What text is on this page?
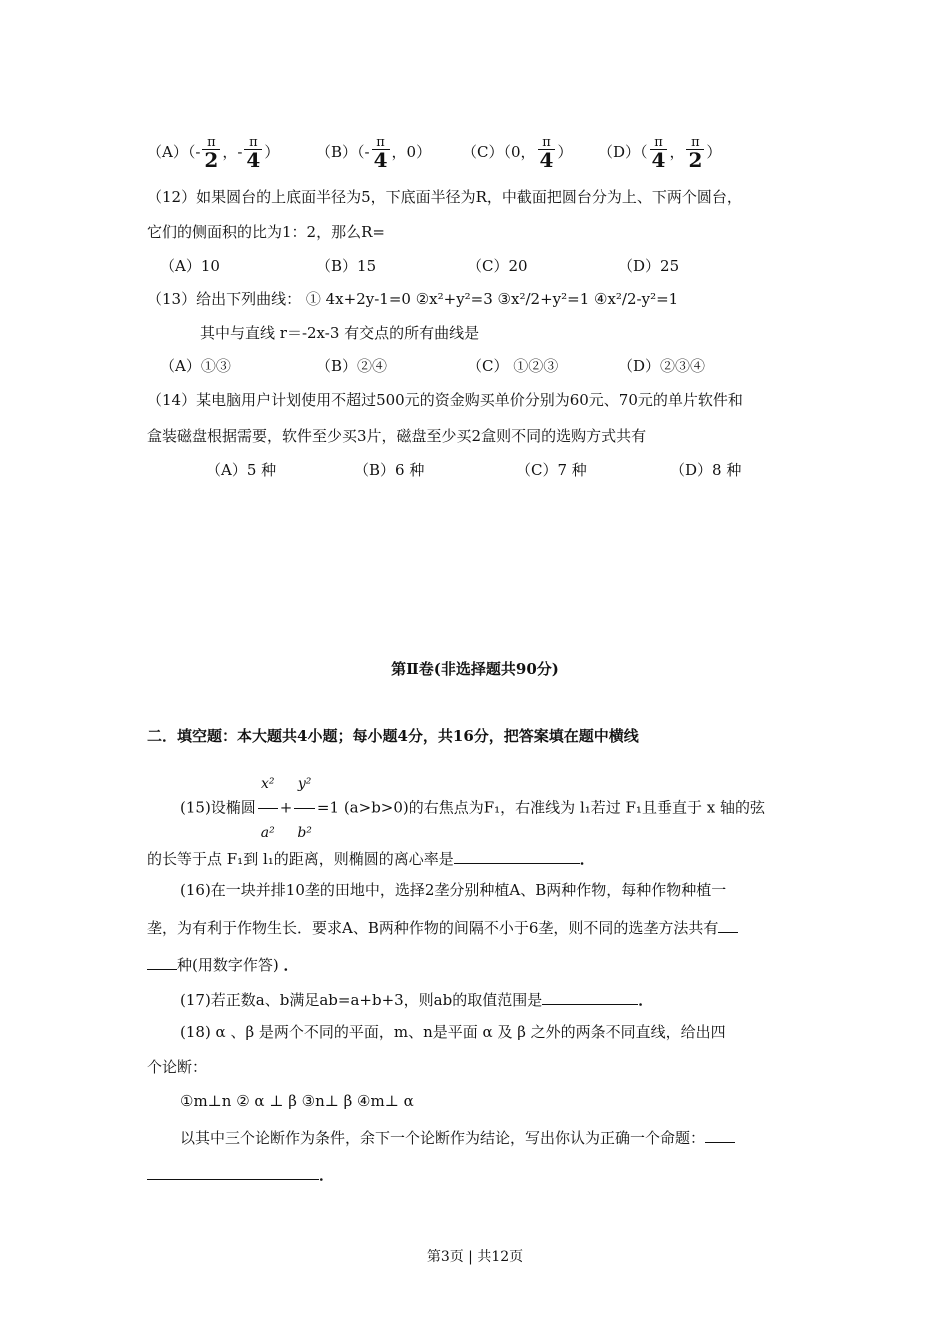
$(A)(- \frac{\pi}{2}$ ，- $\frac{\pi}{4}$ ） $(B)(- \frac{\pi}{4}$ ，0） （C）（0， $\frac{\pi}{4}$ ） $(D)( \frac{\pi}{4}$ ， $\frac{\pi}{2}$ ）
（12）如果圆台的上底面半径为5，下底面半径为R，中截面把圆台分为上、下两个圆台，
它们的侧面积的比为1：2，那么R=
（A）10	（B）15	（C）20	（D）25
（13）给出下列曲线： ① 4x+2y-1=0 ②x²+y²=3 ③x²/2+y²=1 ④x²/2-y²=1
其中与直线 r＝-2x-3 有交点的所有曲线是
（A）①③	（B）②④	（C） ①②③	（D）②③④
（14）某电脑用户计划使用不超过500元的资金购买单价分别为60元、70元的单片软件和
盒装磁盘根据需要，软件至少买3片，磁盘至少买2盒则不同的选购方式共有
（A）5 种	（B）6 种	（C）7 种	（D）8 种
第Ⅱ卷(非选择题共90分)
二．填空题：本大题共4小题；每小题4分，共16分，把答案填在题中横线
(15)设椭圆 $\frac{\text{x²}}{\text{a²}} + \frac{\text{y²}}{\text{b²}} =1$ (a>b>0)的右焦点为F₁，右准线为 l₁若过 F₁且垂直于 x 轴的弦
的长等于点 F₁到 l₁的距离，则椭圆的离心率是	．
(16)在一块并排10垄的田地中，选择2垄分别种植A、B两种作物，每种作物种植一
垄，为有利于作物生长．要求A、B两种作物的间隔不小于6垄，则不同的选垄方法共有
种(用数字作答) ．
(17)若正数a、b满足ab=a+b+3，则ab的取值范围是	．
(18) α 、β 是两个不同的平面，m、n是平面 α 及 β 之外的两条不同直线，给出四
个论断：
①m⊥n ② α ⊥ β ③n⊥ β ④m⊥ α
以其中三个论断作为条件，余下一个论断作为结论，写出你认为正确一个命题：
．
第3页 | 共12页
